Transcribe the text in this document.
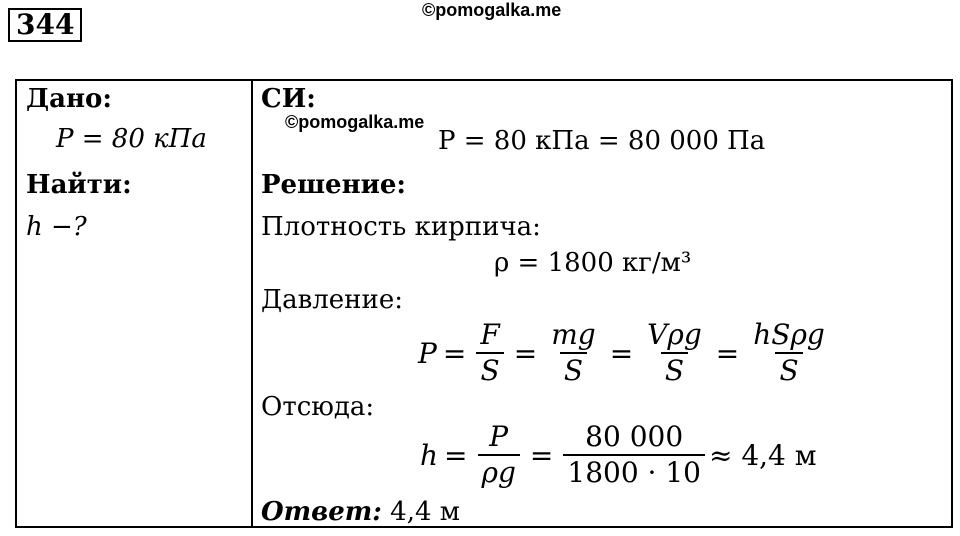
344	©pomogalka.me
Дано:
P = 80 кПа
Найти:
h −?
СИ:
©pomogalka.me
P = 80 кПа = 80 000 Па
Решение:
Плотность кирпича:
ρ = 1800 кг/м³
Давление:
$P = \frac{F}{S} = \frac{mg}{S} = \frac{\text{Vρg}}{S} = \frac{\text{hSρg}}{S}$
Отсюда:
$h = \frac{P}{\rho g} = \frac{80 000}{1800 \cdot 10} \approx 4,4$ м
Ответ: 4,4 м
